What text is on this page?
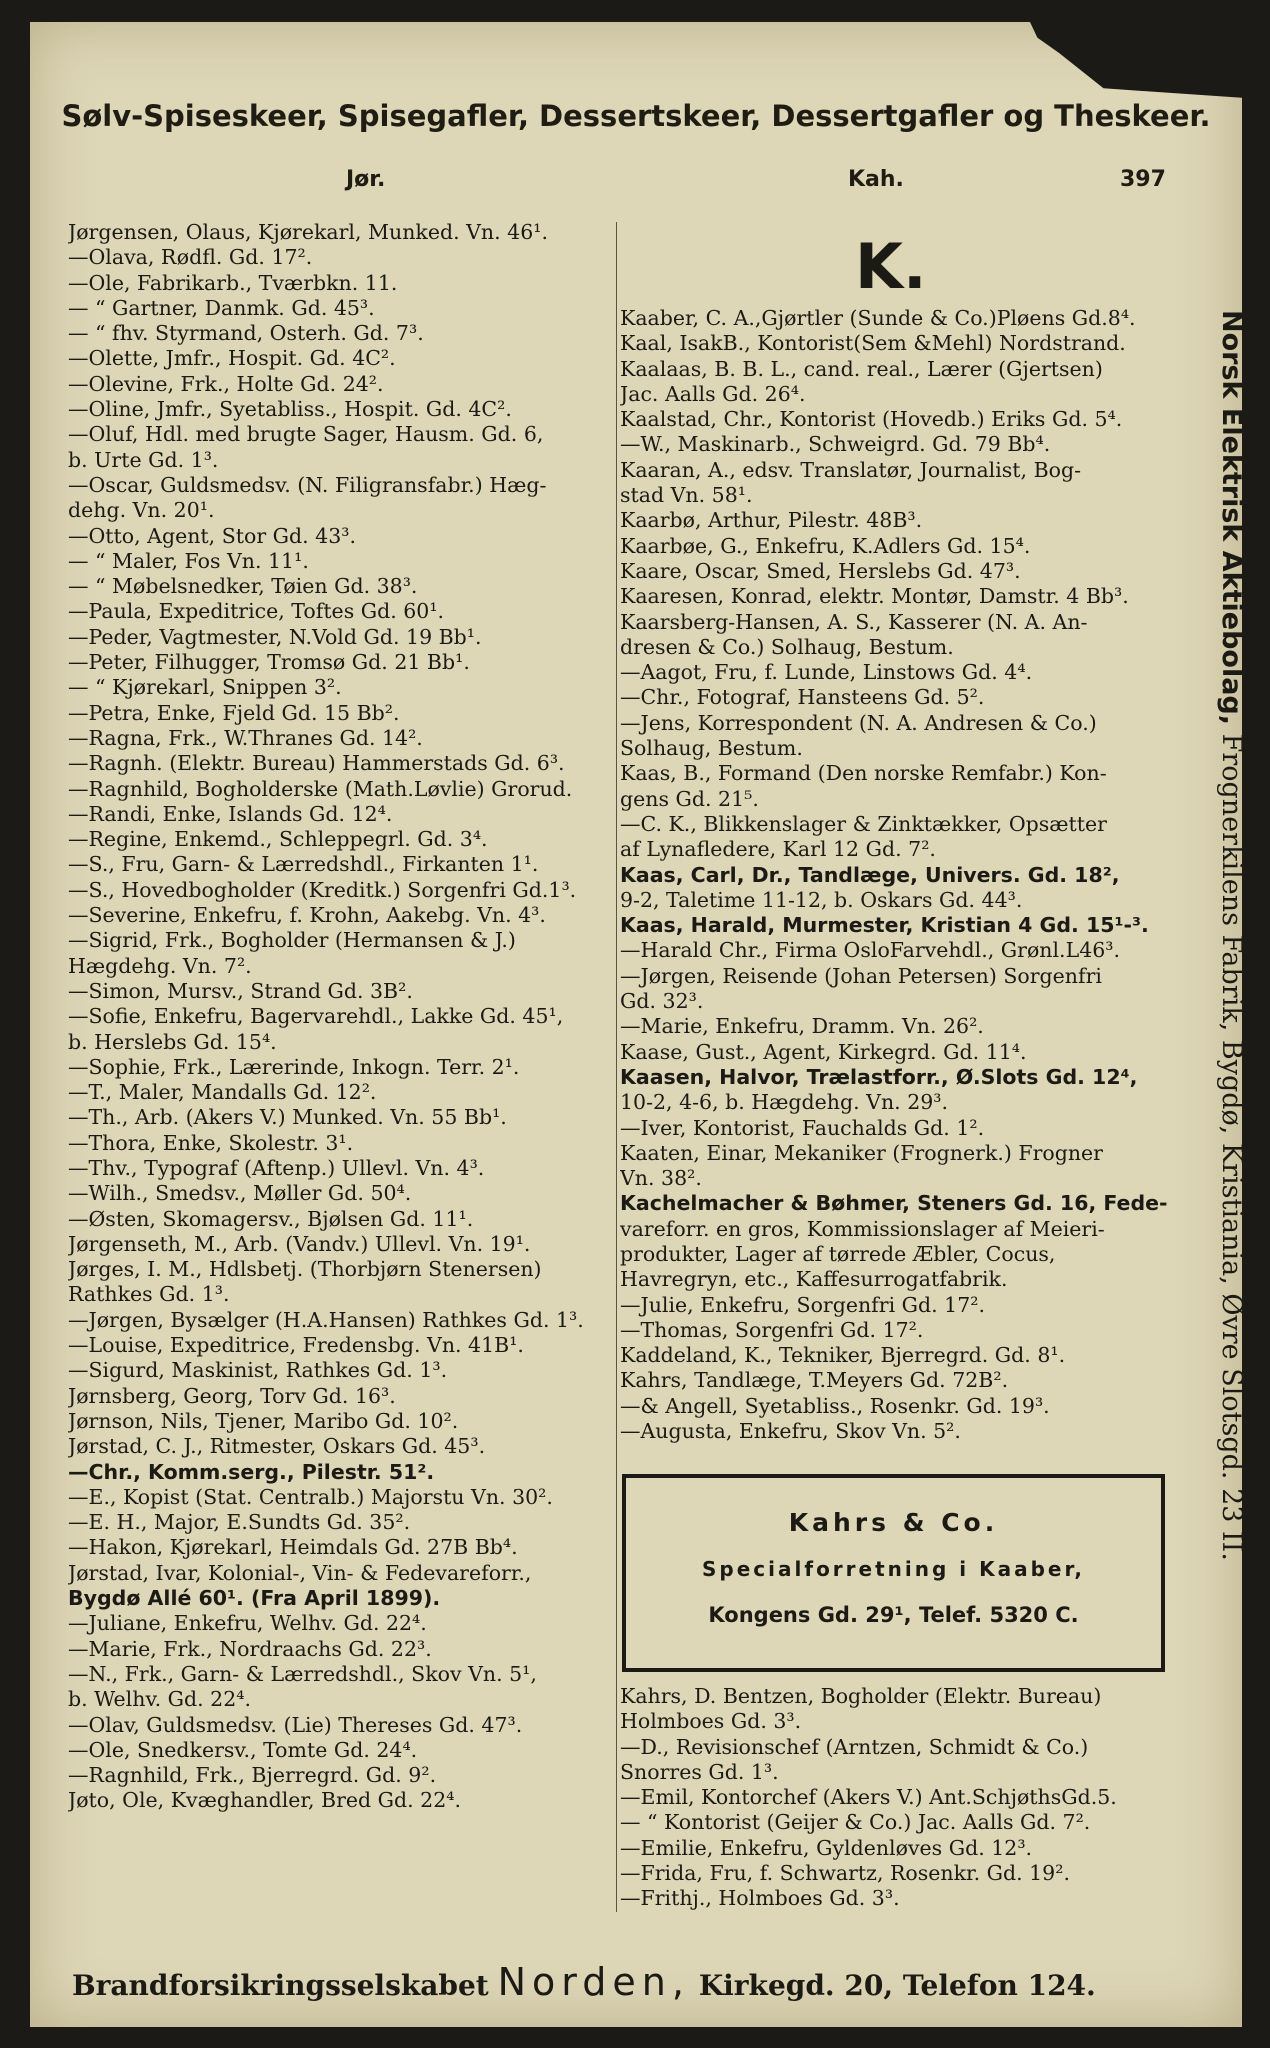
Sølv-Spiseskeer, Spisegafler, Dessertskeer, Dessertgafler og Theskeer.
Jør.	Kah.	397
Jørgensen, Olaus, Kjørekarl, Munked. Vn. 46¹.
—Olava, Rødfl. Gd. 17².
—Ole, Fabrikarb., Tværbkn. 11.
— “ Gartner, Danmk. Gd. 45³.
— “ fhv. Styrmand, Osterh. Gd. 7³.
—Olette, Jmfr., Hospit. Gd. 4C².
—Olevine, Frk., Holte Gd. 24².
—Oline, Jmfr., Syetabliss., Hospit. Gd. 4C².
—Oluf, Hdl. med brugte Sager, Hausm. Gd. 6,
b. Urte Gd. 1³.
—Oscar, Guldsmedsv. (N. Filigransfabr.) Hæg-
dehg. Vn. 20¹.
—Otto, Agent, Stor Gd. 43³.
— “ Maler, Fos Vn. 11¹.
— “ Møbelsnedker, Tøien Gd. 38³.
—Paula, Expeditrice, Toftes Gd. 60¹.
—Peder, Vagtmester, N.Vold Gd. 19 Bb¹.
—Peter, Filhugger, Tromsø Gd. 21 Bb¹.
— “ Kjørekarl, Snippen 3².
—Petra, Enke, Fjeld Gd. 15 Bb².
—Ragna, Frk., W.Thranes Gd. 14².
—Ragnh. (Elektr. Bureau) Hammerstads Gd. 6³.
—Ragnhild, Bogholderske (Math.Løvlie) Grorud.
—Randi, Enke, Islands Gd. 12⁴.
—Regine, Enkemd., Schleppegrl. Gd. 3⁴.
—S., Fru, Garn- & Lærredshdl., Firkanten 1¹.
—S., Hovedbogholder (Kreditk.) Sorgenfri Gd.1³.
—Severine, Enkefru, f. Krohn, Aakebg. Vn. 4³.
—Sigrid, Frk., Bogholder (Hermansen & J.)
Hægdehg. Vn. 7².
—Simon, Mursv., Strand Gd. 3B².
—Sofie, Enkefru, Bagervarehdl., Lakke Gd. 45¹,
b. Herslebs Gd. 15⁴.
—Sophie, Frk., Lærerinde, Inkogn. Terr. 2¹.
—T., Maler, Mandalls Gd. 12².
—Th., Arb. (Akers V.) Munked. Vn. 55 Bb¹.
—Thora, Enke, Skolestr. 3¹.
—Thv., Typograf (Aftenp.) Ullevl. Vn. 4³.
—Wilh., Smedsv., Møller Gd. 50⁴.
—Østen, Skomagersv., Bjølsen Gd. 11¹.
Jørgenseth, M., Arb. (Vandv.) Ullevl. Vn. 19¹.
Jørges, I. M., Hdlsbetj. (Thorbjørn Stenersen)
Rathkes Gd. 1³.
—Jørgen, Bysælger (H.A.Hansen) Rathkes Gd. 1³.
—Louise, Expeditrice, Fredensbg. Vn. 41B¹.
—Sigurd, Maskinist, Rathkes Gd. 1³.
Jørnsberg, Georg, Torv Gd. 16³.
Jørnson, Nils, Tjener, Maribo Gd. 10².
Jørstad, C. J., Ritmester, Oskars Gd. 45³.
—Chr., Komm.serg., Pilestr. 51².
—E., Kopist (Stat. Centralb.) Majorstu Vn. 30².
—E. H., Major, E.Sundts Gd. 35².
—Hakon, Kjørekarl, Heimdals Gd. 27B Bb⁴.
Jørstad, Ivar, Kolonial-, Vin- & Fedevareforr.,
Bygdø Allé 60¹. (Fra April 1899).
—Juliane, Enkefru, Welhv. Gd. 22⁴.
—Marie, Frk., Nordraachs Gd. 22³.
—N., Frk., Garn- & Lærredshdl., Skov Vn. 5¹,
b. Welhv. Gd. 22⁴.
—Olav, Guldsmedsv. (Lie) Thereses Gd. 47³.
—Ole, Snedkersv., Tomte Gd. 24⁴.
—Ragnhild, Frk., Bjerregrd. Gd. 9².
Jøto, Ole, Kvæghandler, Bred Gd. 22⁴.
K.
Kaaber, C. A.,Gjørtler (Sunde & Co.)Pløens Gd.8⁴.
Kaal, IsakB., Kontorist(Sem &Mehl) Nordstrand.
Kaalaas, B. B. L., cand. real., Lærer (Gjertsen)
Jac. Aalls Gd. 26⁴.
Kaalstad, Chr., Kontorist (Hovedb.) Eriks Gd. 5⁴.
—W., Maskinarb., Schweigrd. Gd. 79 Bb⁴.
Kaaran, A., edsv. Translatør, Journalist, Bog-
stad Vn. 58¹.
Kaarbø, Arthur, Pilestr. 48B³.
Kaarbøe, G., Enkefru, K.Adlers Gd. 15⁴.
Kaare, Oscar, Smed, Herslebs Gd. 47³.
Kaaresen, Konrad, elektr. Montør, Damstr. 4 Bb³.
Kaarsberg-Hansen, A. S., Kasserer (N. A. An-
dresen & Co.) Solhaug, Bestum.
—Aagot, Fru, f. Lunde, Linstows Gd. 4⁴.
—Chr., Fotograf, Hansteens Gd. 5².
—Jens, Korrespondent (N. A. Andresen & Co.)
Solhaug, Bestum.
Kaas, B., Formand (Den norske Remfabr.) Kon-
gens Gd. 21⁵.
—C. K., Blikkenslager & Zinktækker, Opsætter
af Lynafledere, Karl 12 Gd. 7².
Kaas, Carl, Dr., Tandlæge, Univers. Gd. 18²,
9-2, Taletime 11-12, b. Oskars Gd. 44³.
Kaas, Harald, Murmester, Kristian 4 Gd. 15¹-³.
—Harald Chr., Firma OsloFarvehdl., Grønl.L46³.
—Jørgen, Reisende (Johan Petersen) Sorgenfri
Gd. 32³.
—Marie, Enkefru, Dramm. Vn. 26².
Kaase, Gust., Agent, Kirkegrd. Gd. 11⁴.
Kaasen, Halvor, Trælastforr., Ø.Slots Gd. 12⁴,
10-2, 4-6, b. Hægdehg. Vn. 29³.
—Iver, Kontorist, Fauchalds Gd. 1².
Kaaten, Einar, Mekaniker (Frognerk.) Frogner
Vn. 38².
Kachelmacher & Bøhmer, Steners Gd. 16, Fede-
vareforr. en gros, Kommissionslager af Meieri-
produkter, Lager af tørrede Æbler, Cocus,
Havregryn, etc., Kaffesurrogatfabrik.
—Julie, Enkefru, Sorgenfri Gd. 17².
—Thomas, Sorgenfri Gd. 17².
Kaddeland, K., Tekniker, Bjerregrd. Gd. 8¹.
Kahrs, Tandlæge, T.Meyers Gd. 72B².
—& Angell, Syetabliss., Rosenkr. Gd. 19³.
—Augusta, Enkefru, Skov Vn. 5².
Kahrs & Co.
Specialforretning i Kaaber,
Kongens Gd. 29¹, Telef. 5320 C.
Kahrs, D. Bentzen, Bogholder (Elektr. Bureau)
Holmboes Gd. 3³.
—D., Revisionschef (Arntzen, Schmidt & Co.)
Snorres Gd. 1³.
—Emil, Kontorchef (Akers V.) Ant.SchjøthsGd.5.
— “ Kontorist (Geijer & Co.) Jac. Aalls Gd. 7².
—Emilie, Enkefru, Gyldenløves Gd. 12³.
—Frida, Fru, f. Schwartz, Rosenkr. Gd. 19².
—Frithj., Holmboes Gd. 3³.
Norsk Elektrisk Aktiebolag, Frognerkilens Fabrik, Bygdø, Kristiania, Øvre Slotsgd. 23 II.
Brandforsikringsselskabet Norden, Kirkegd. 20, Telefon 124.
